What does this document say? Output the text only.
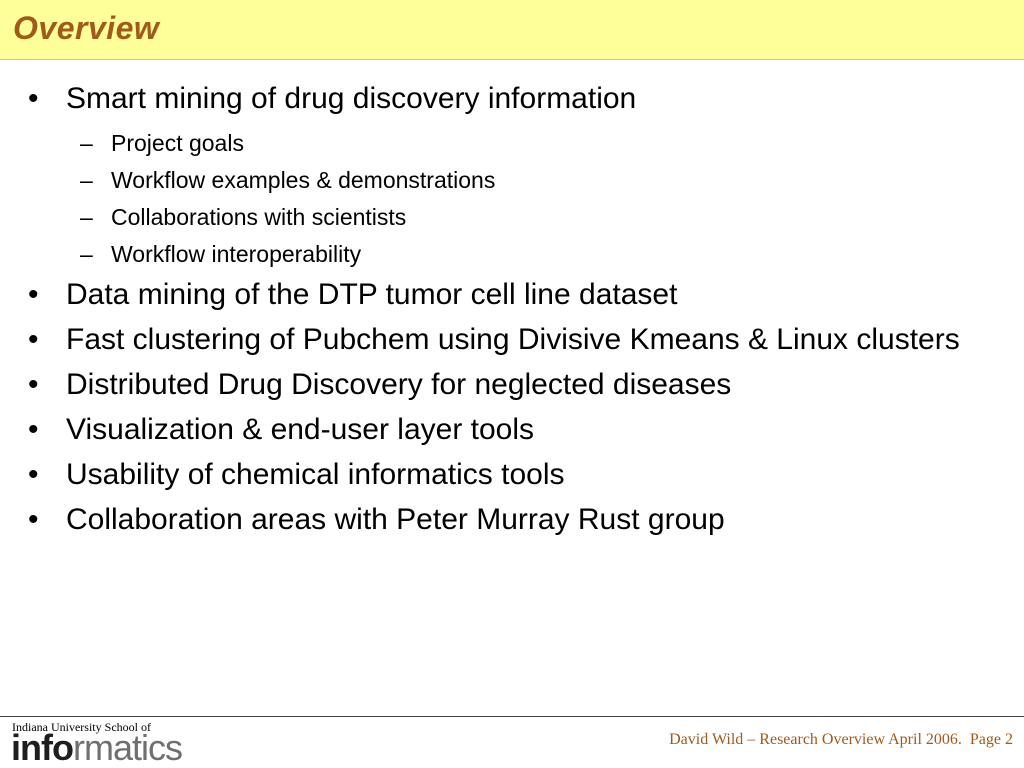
Overview
• Smart mining of drug discovery information
– Project goals
– Workflow examples & demonstrations
– Collaborations with scientists
– Workflow interoperability
• Data mining of the DTP tumor cell line dataset
• Fast clustering of Pubchem using Divisive Kmeans & Linux clusters
• Distributed Drug Discovery for neglected diseases
• Visualization & end-user layer tools
• Usability of chemical informatics tools
• Collaboration areas with Peter Murray Rust group
Indiana University School of
informatics	David Wild – Research Overview April 2006.  Page 2
